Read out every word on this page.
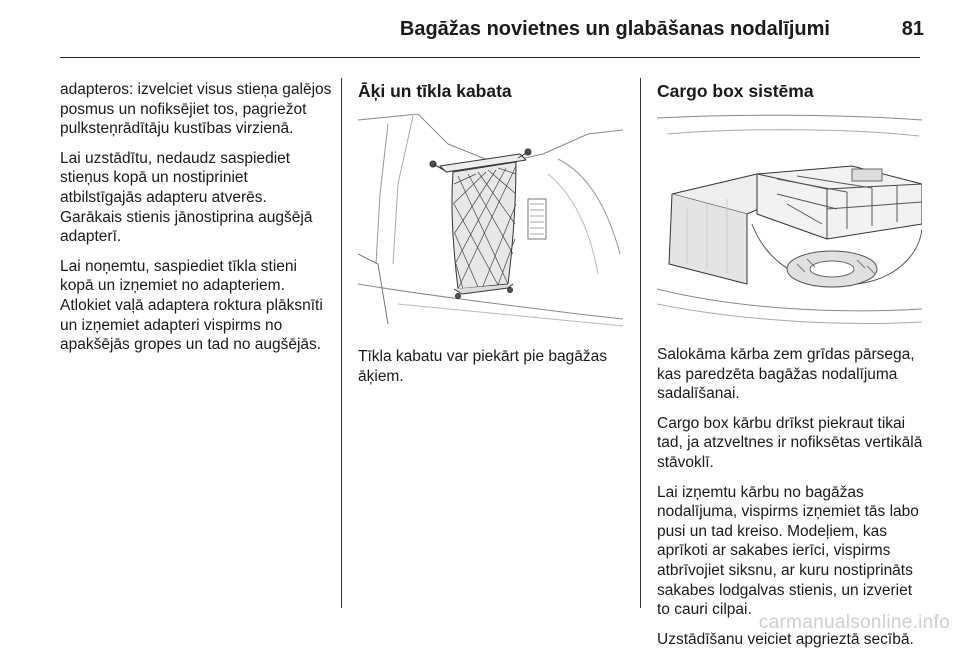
Bagāžas novietnes un glabāšanas nodalījumi	81

adapteros: izvelciet visus stieņa galējos posmus un nofiksējiet tos, pagriežot pulksteņrādītāju kustības virzienā.

Lai uzstādītu, nedaudz saspiediet stieņus kopā un nostipriniet atbilstīgajās adapteru atverēs. Garākais stienis jānostiprina augšējā adapterī.

Lai noņemtu, saspiediet tīkla stieni kopā un izņemiet no adapteriem. Atlokiet vaļā adaptera roktura plāksnīti un izņemiet adapteri vispirms no apakšējās gropes un tad no augšējās.

Āķi un tīkla kabata

Tīkla kabatu var piekārt pie bagāžas āķiem.

Cargo box sistēma

Salokāma kārba zem grīdas pārsega, kas paredzēta bagāžas nodalījuma sadalīšanai.

Cargo box kārbu drīkst piekraut tikai tad, ja atzveltnes ir nofiksētas vertikālā stāvoklī.

Lai izņemtu kārbu no bagāžas nodalījuma, vispirms izņemiet tās labo pusi un tad kreiso. Modeļiem, kas aprīkoti ar sakabes ierīci, vispirms atbrīvojiet siksnu, ar kuru nostiprināts sakabes lodgalvas stienis, un izveriet to cauri cilpai.

Uzstādīšanu veiciet apgrieztā secībā.

carmanualsonline.info
